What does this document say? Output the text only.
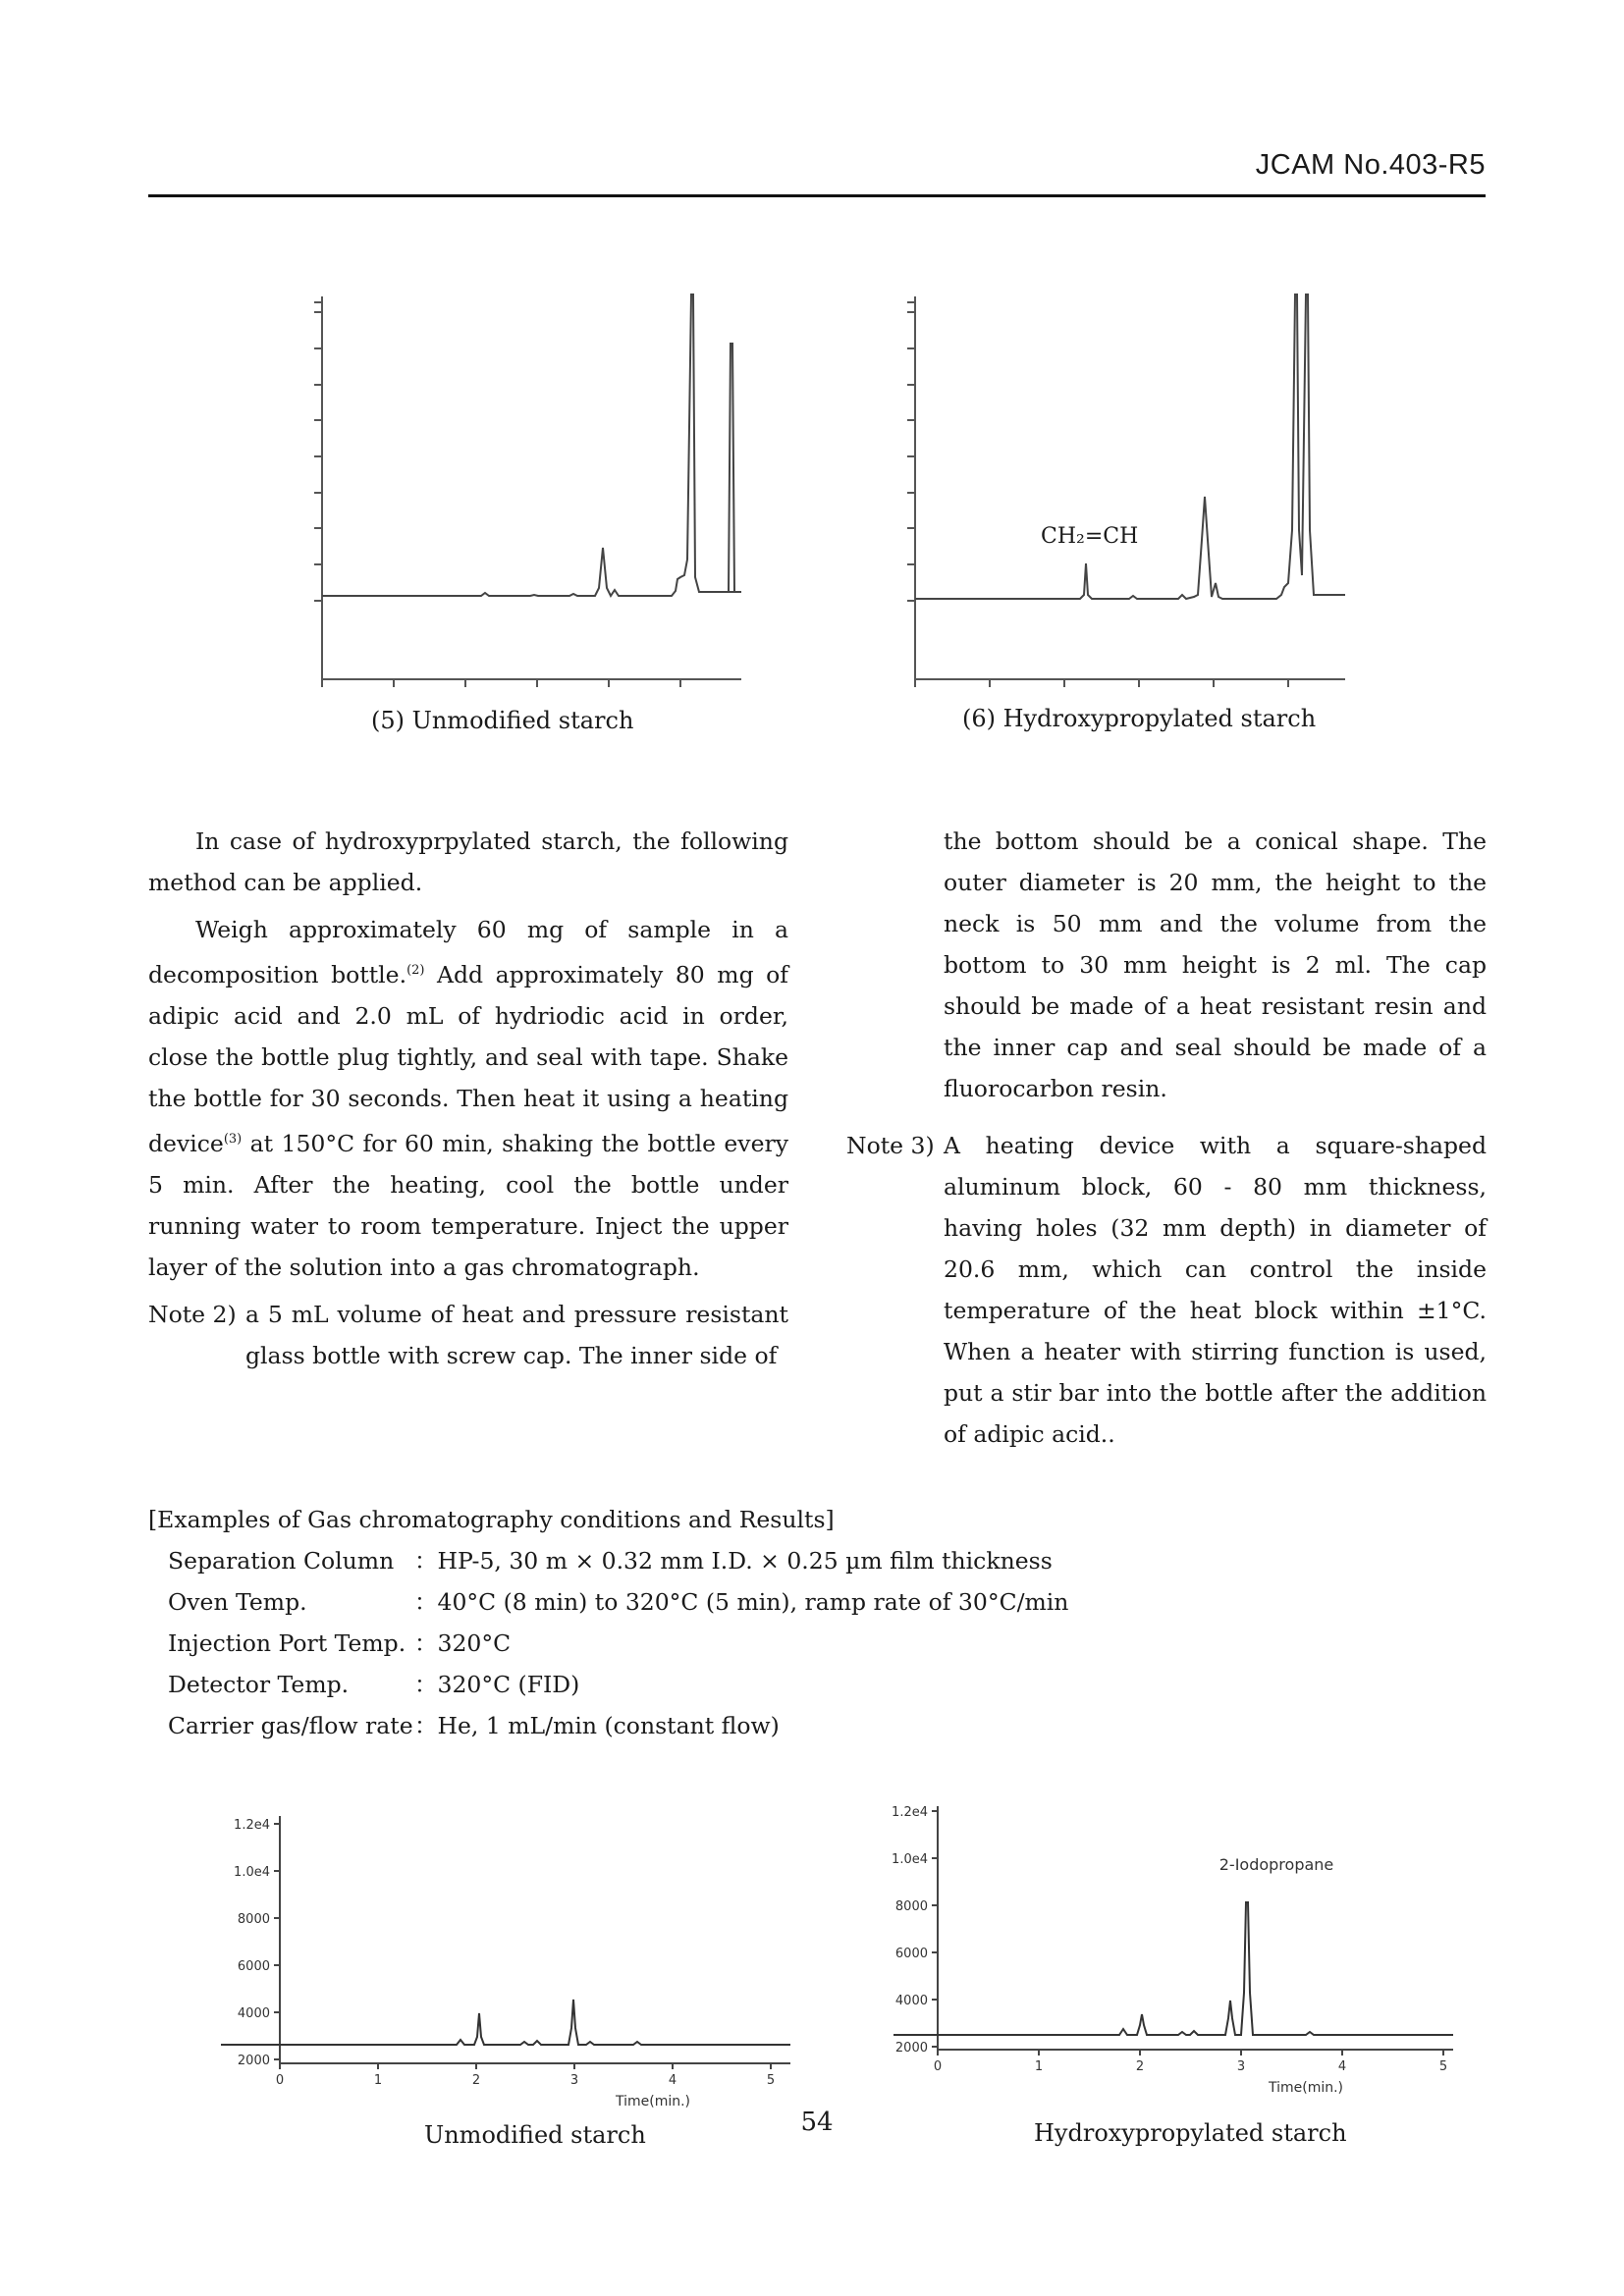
JCAM No.403-R5
(5) Unmodified starch
CH₂=CH
(6) Hydroxypropylated starch

In case of hydroxyprpylated starch, the following method can be applied.

Weigh approximately 60 mg of sample in a decomposition bottle.$^{(2)}$ Add approximately 80 mg of adipic acid and 2.0 mL of hydriodic acid in order, close the bottle plug tightly, and seal with tape. Shake the bottle for 30 seconds. Then heat it using a heating device$^{(3)}$ at 150°C for 60 min, shaking the bottle every 5 min. After the heating, cool the bottle under running water to room temperature. Inject the upper layer of the solution into a gas chromatograph.

Note 2) a 5 mL volume of heat and pressure resistant glass bottle with screw cap. The inner side of
the bottom should be a conical shape. The outer diameter is 20 mm, the height to the neck is 50 mm and the volume from the bottom to 30 mm height is 2 ml. The cap should be made of a heat resistant resin and the inner cap and seal should be made of a fluorocarbon resin.
Note 3) A heating device with a square-shaped aluminum block, 60 - 80 mm thickness, having holes (32 mm depth) in diameter of 20.6 mm, which can control the inside temperature of the heat block within ±1°C. When a heater with stirring function is used, put a stir bar into the bottle after the addition of adipic acid..
[Examples of Gas chromatography conditions and Results]
Separation Column ：HP-5, 30 m × 0.32 mm I.D. × 0.25 µm film thickness
Oven Temp.	：40°C (8 min) to 320°C (5 min), ramp rate of 30°C/min
Injection Port Temp. ：320°C
Detector Temp.	：320°C (FID)
Carrier gas/flow rate ：He, 1 mL/min (constant flow)
1.2e4
1.0e4
8000
6000
4000
2000
0	1	2	3	4	5
Time(min.)
Unmodified starch	54
1.2e4
1.0e4
8000
6000
4000
2000
0	1	2	3	4	5
Time(min.)
2-Iodopropane
Hydroxypropylated starch
